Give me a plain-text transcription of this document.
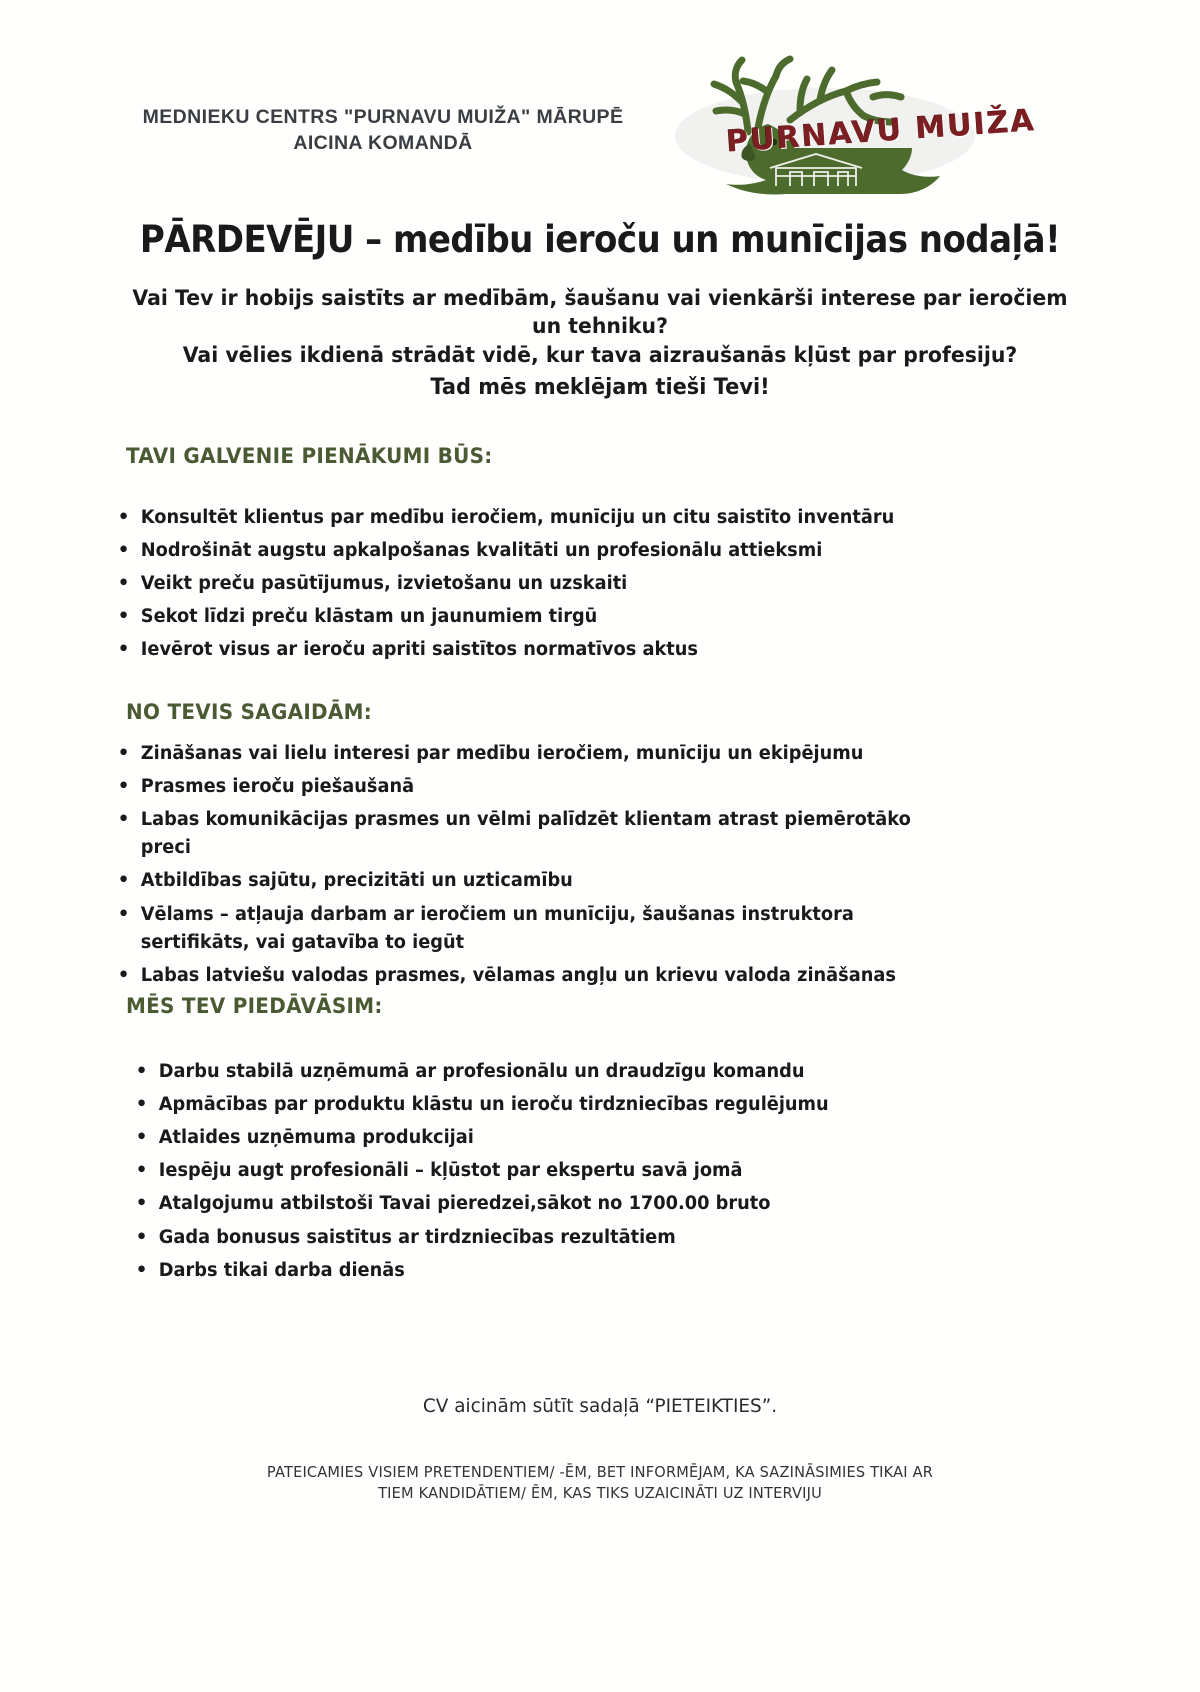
MEDNIEKU CENTRS "PURNAVU MUIŽA" MĀRUPĒ
AICINA KOMANDĀ	PURNAVU MUIŽA
PĀRDEVĒJU – medību ieroču un munīcijas nodaļā!
Vai Tev ir hobijs saistīts ar medībām, šaušanu vai vienkārši interese par ieročiem un tehniku?
Vai vēlies ikdienā strādāt vidē, kur tava aizraušanās kļūst par profesiju?
Tad mēs meklējam tieši Tevi!
TAVI GALVENIE PIENĀKUMI BŪS:
• Konsultēt klientus par medību ieročiem, munīciju un citu saistīto inventāru
• Nodrošināt augstu apkalpošanas kvalitāti un profesionālu attieksmi
• Veikt preču pasūtījumus, izvietošanu un uzskaiti
• Sekot līdzi preču klāstam un jaunumiem tirgū
• Ievērot visus ar ieroču apriti saistītos normatīvos aktus
NO TEVIS SAGAIDĀM:
• Zināšanas vai lielu interesi par medību ieročiem, munīciju un ekipējumu
• Prasmes ieroču piešaušanā
• Labas komunikācijas prasmes un vēlmi palīdzēt klientam atrast piemērotāko preci
• Atbildības sajūtu, precizitāti un uzticamību
• Vēlams – atļauja darbam ar ieročiem un munīciju, šaušanas instruktora sertifikāts, vai gatavība to iegūt
• Labas latviešu valodas prasmes, vēlamas angļu un krievu valoda zināšanas
MĒS TEV PIEDĀVĀSIM:
• Darbu stabilā uzņēmumā ar profesionālu un draudzīgu komandu
• Apmācības par produktu klāstu un ieroču tirdzniecības regulējumu
• Atlaides uzņēmuma produkcijai
• Iespēju augt profesionāli – kļūstot par ekspertu savā jomā
• Atalgojumu atbilstoši Tavai pieredzei,sākot no 1700.00 bruto
• Gada bonusus saistītus ar tirdzniecības rezultātiem
• Darbs tikai darba dienās
CV aicinām sūtīt sadaļā “PIETEIKTIES”.
PATEICAMIES VISIEM PRETENDENTIEM/ -ĒM, BET INFORMĒJAM, KA SAZINĀSIMIES TIKAI AR
TIEM KANDIDĀTIEM/ ĒM, KAS TIKS UZAICINĀTI UZ INTERVIJU
